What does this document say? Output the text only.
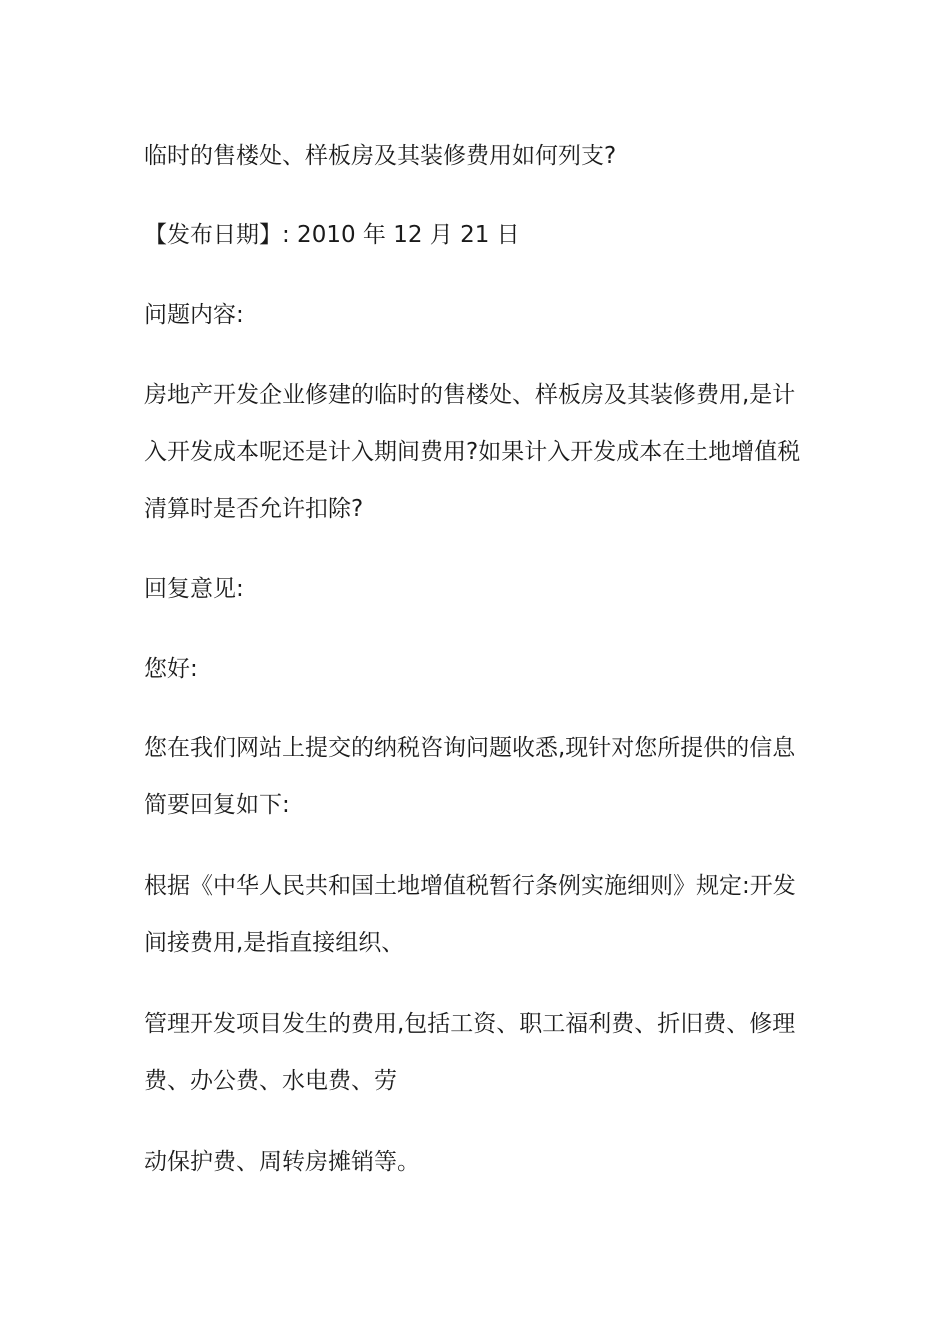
临时的售楼处、样板房及其装修费用如何列支?

【发布日期】: 2010 年 12 月 21 日

问题内容:

房地产开发企业修建的临时的售楼处、样板房及其装修费用,是计
入开发成本呢还是计入期间费用?如果计入开发成本在土地增值税
清算时是否允许扣除?

回复意见:

您好:

您在我们网站上提交的纳税咨询问题收悉,现针对您所提供的信息
简要回复如下:

根据《中华人民共和国土地增值税暂行条例实施细则》规定:开发
间接费用,是指直接组织、

管理开发项目发生的费用,包括工资、职工福利费、折旧费、修理
费、办公费、水电费、劳

动保护费、周转房摊销等。
